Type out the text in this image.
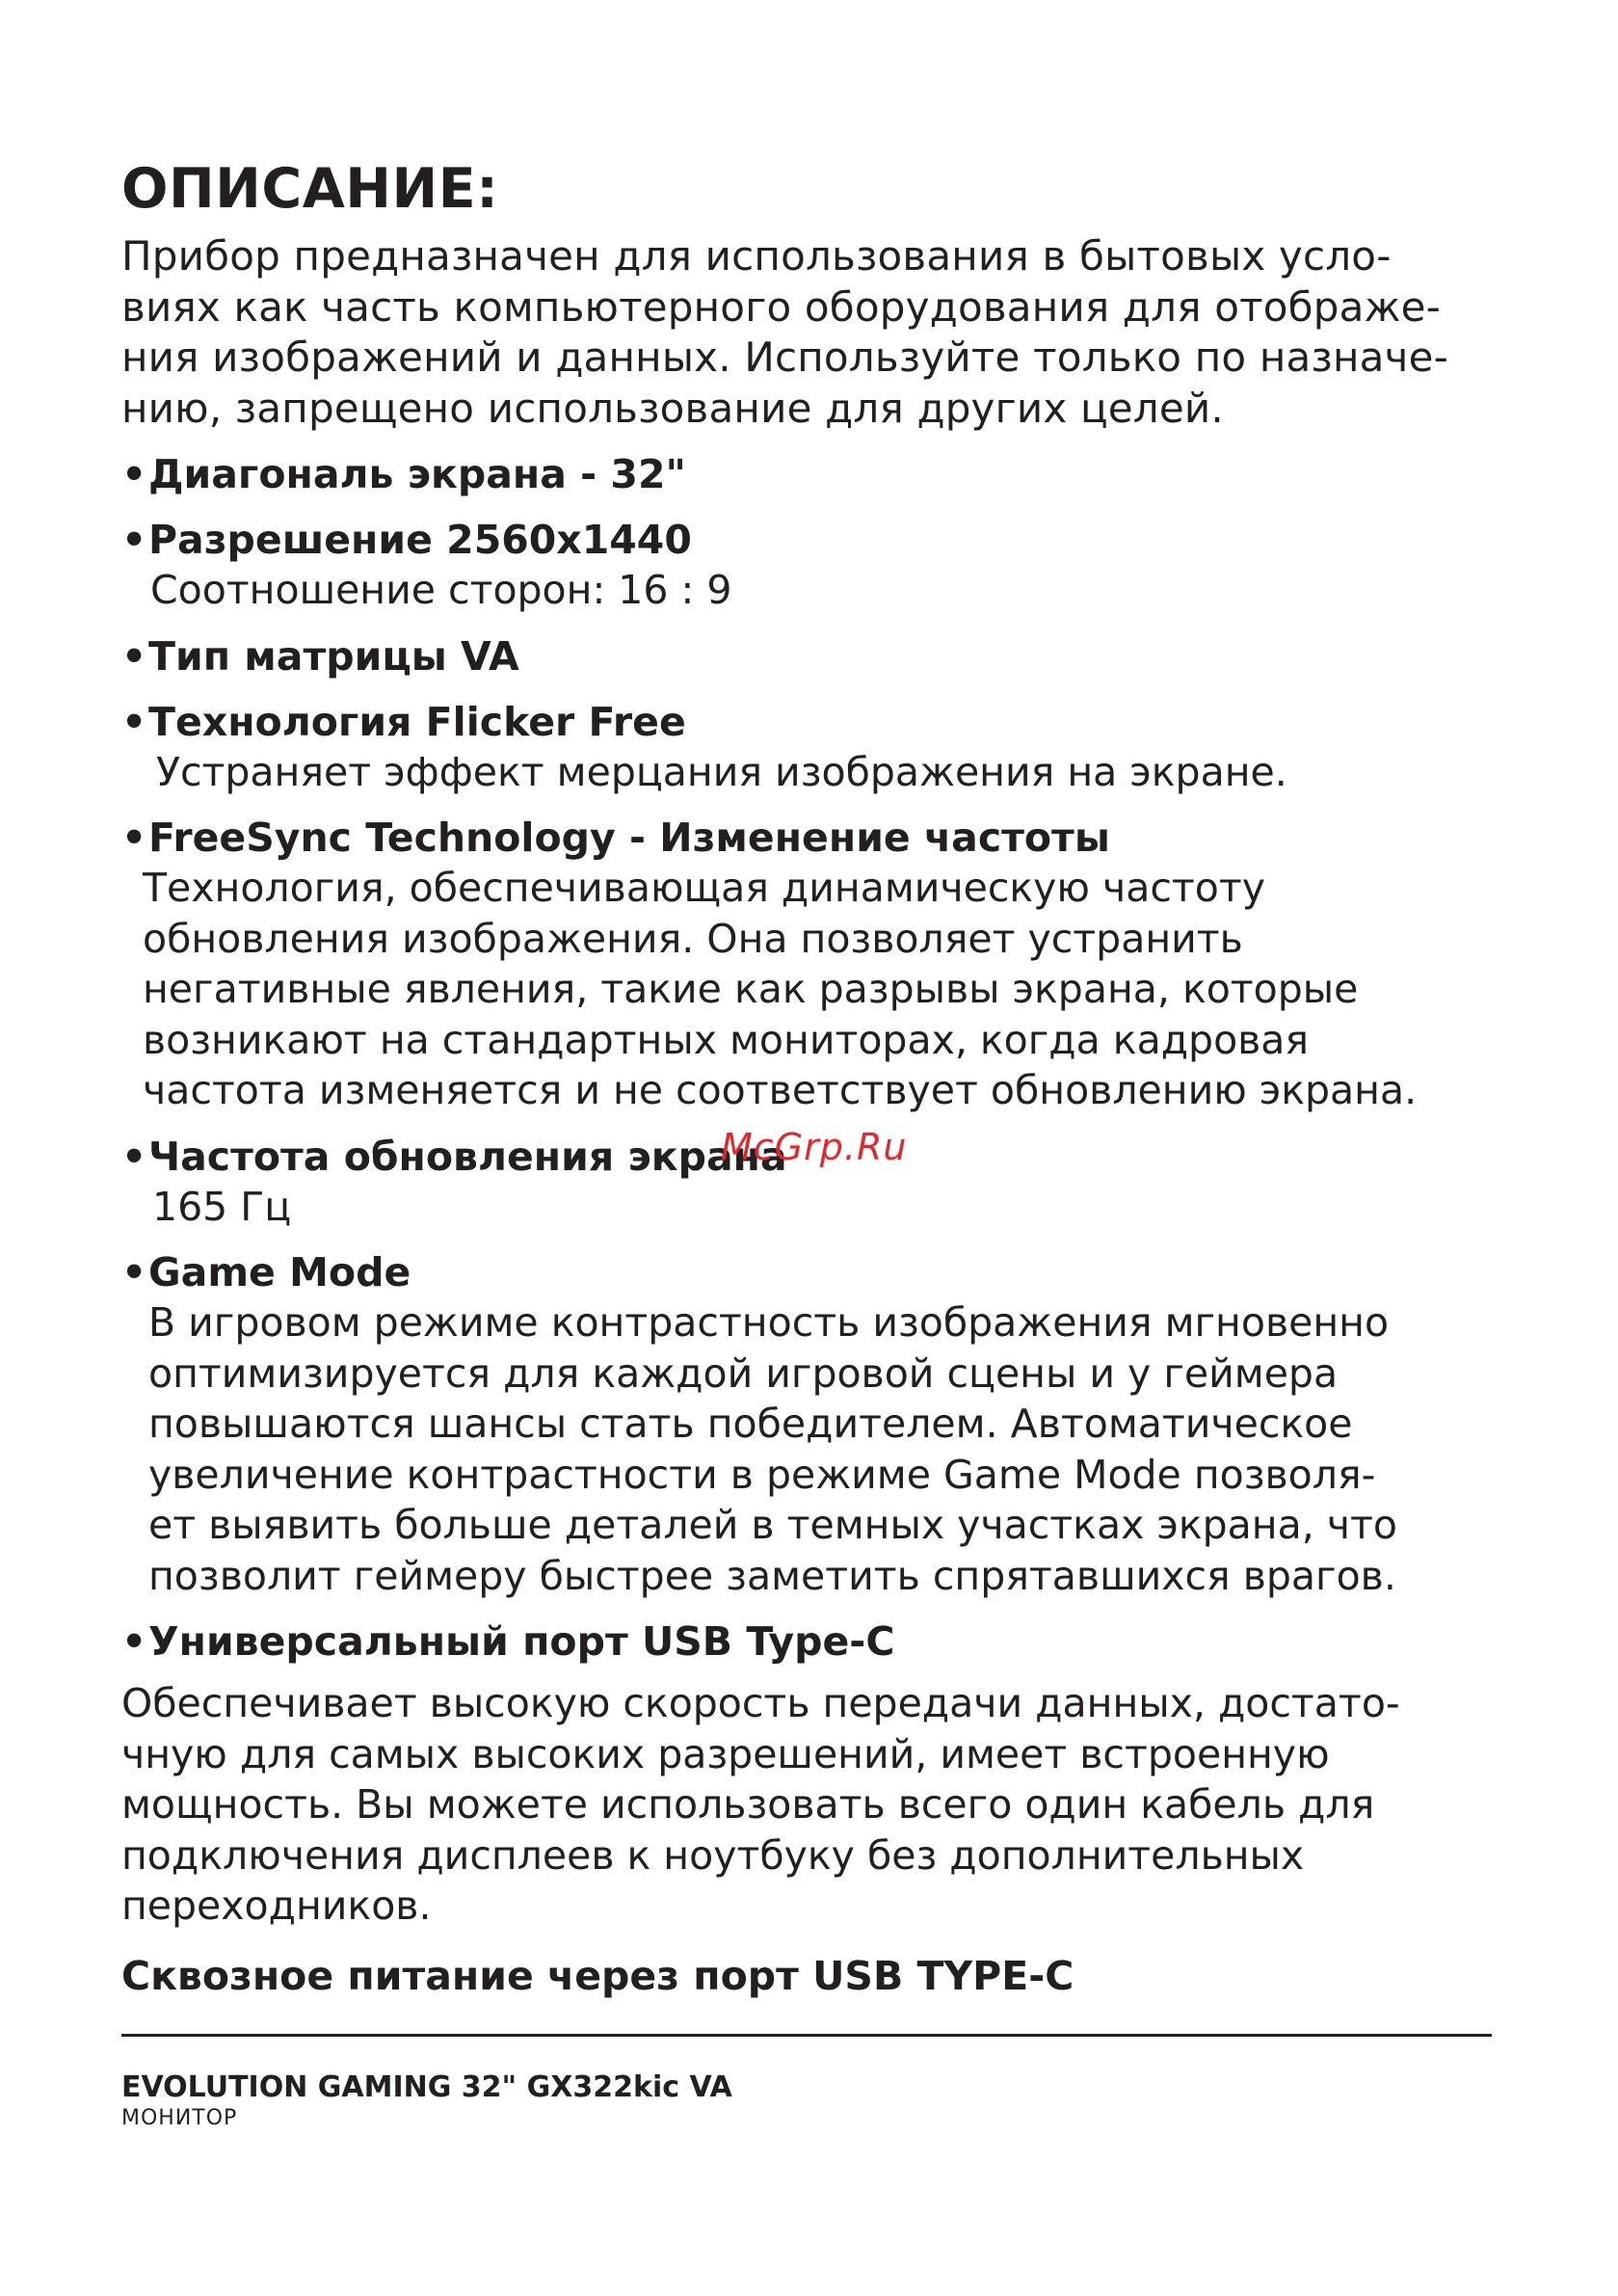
ОПИСАНИЕ:
Прибор предназначен для использования в бытовых усло-
виях как часть компьютерного оборудования для отображе-
ния изображений и данных. Используйте только по назначе-
нию, запрещено использование для других целей.
• Диагональ экрана - 32"
• Разрешение 2560x1440
Соотношение сторон: 16 : 9
• Тип матрицы VA
• Технология Flicker Free
Устраняет эффект мерцания изображения на экране.
• FreeSync Technology - Изменение частоты
Технология, обеспечивающая динамическую частоту
обновления изображения. Она позволяет устранить
негативные явления, такие как разрывы экрана, которые
возникают на стандартных мониторах, когда кадровая
частота изменяется и не соответствует обновлению экрана.
• Частота обновления экрана
165 Гц
• Game Mode
В игровом режиме контрастность изображения мгновенно
оптимизируется для каждой игровой сцены и у геймера
повышаются шансы стать победителем. Автоматическое
увеличение контрастности в режиме Game Mode позволя-
ет выявить больше деталей в темных участках экрана, что
позволит геймеру быстрее заметить спрятавшихся врагов.
• Универсальный порт USB Type-C
Обеспечивает высокую скорость передачи данных, достато-
чную для самых высоких разрешений, имеет встроенную
мощность. Вы можете использовать всего один кабель для
подключения дисплеев к ноутбуку без дополнительных
переходников.
Сквозное питание через порт USB TYPE-C
EVOLUTION GAMING 32" GX322kic VA
МОНИТОР
McGrp.Ru
